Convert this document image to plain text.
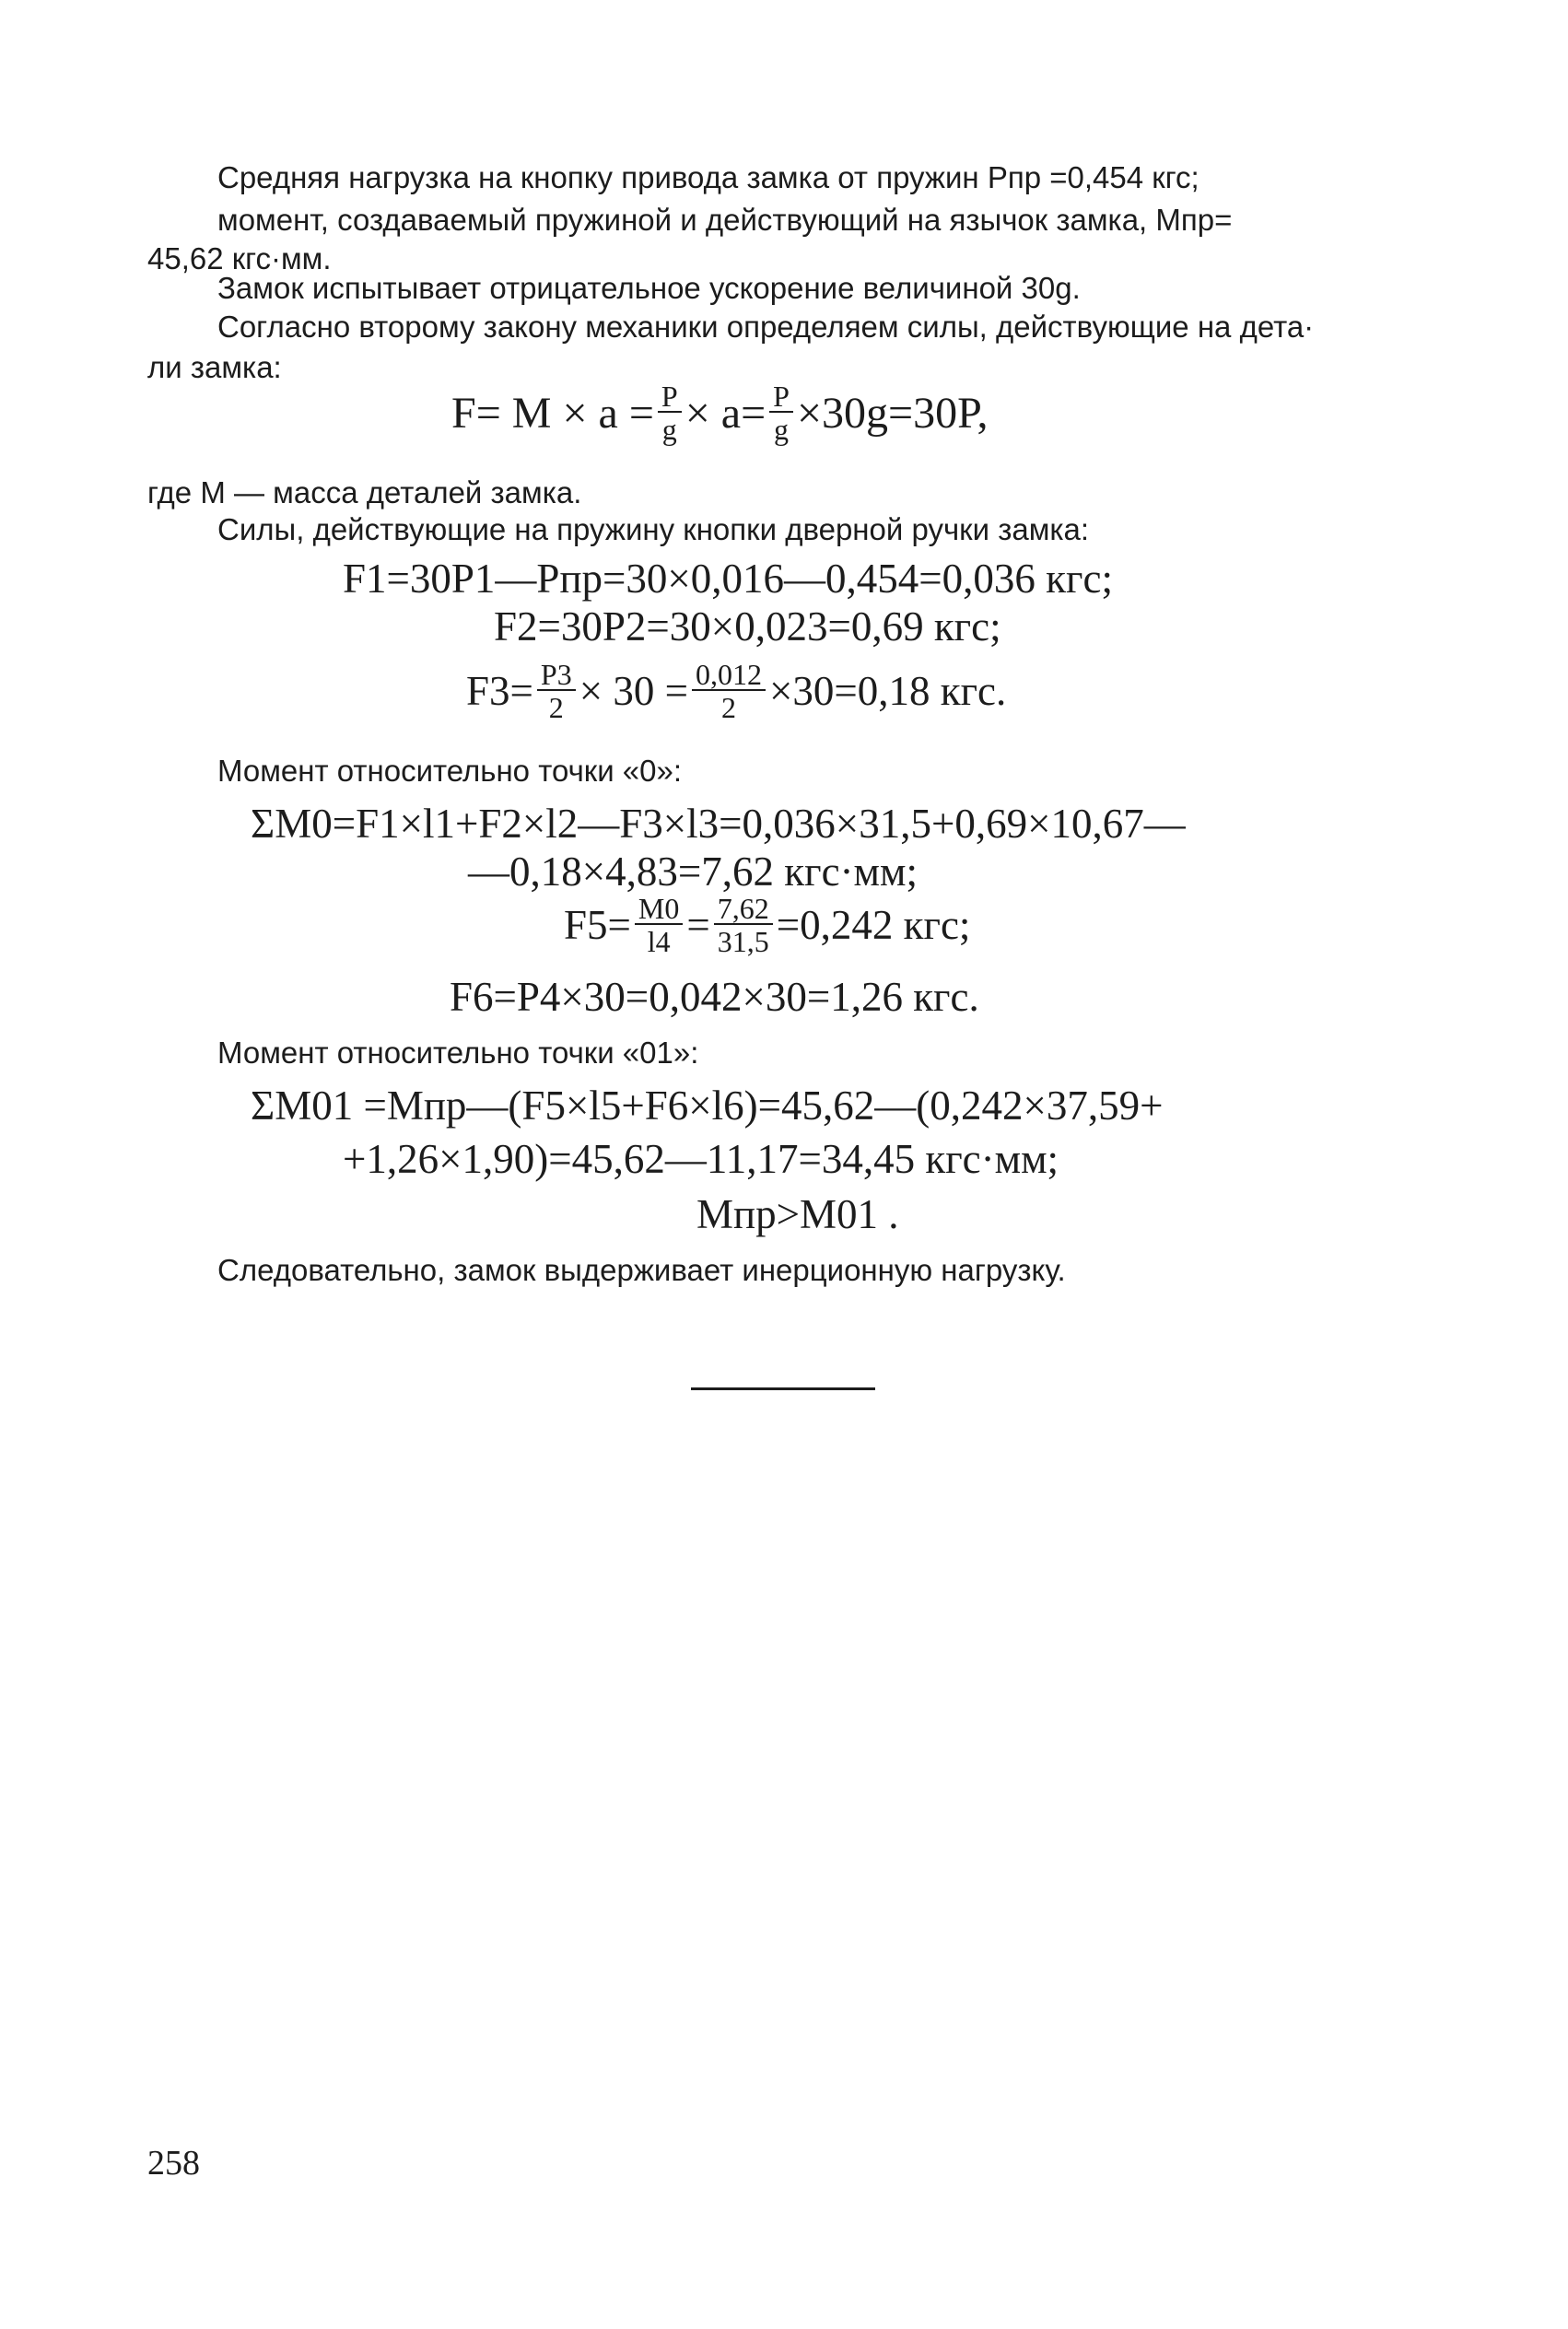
Средняя нагрузка на кнопку привода замка от пружин Pпр =0,454 кгс;
момент, создаваемый пружиной и действующий на язычок замка, Mпр=
45,62 кгс·мм.
Замок испытывает отрицательное ускорение величиной 30g.
Согласно второму закону механики определяем силы, действующие на дета·
ли замка:
$F= M \times a = \frac{P}{g} \times a= \frac{P}{g} \times 30g=30P$,
где M — масса деталей замка.
Силы, действующие на пружину кнопки дверной ручки замка:
F1=30P1—Pпр=30×0,016—0,454=0,036 кгс;
F2=30P2=30×0,023=0,69 кгс;
$F3= \frac{P3}{2} \times 30 = \frac{0,012}{2} \times 30=0,18$ кгс.
Момент относительно точки «0»:
ΣM0=F1×l1+F2×l2—F3×l3=0,036×31,5+0,69×10,67—
—0,18×4,83=7,62 кгс·мм;
$F5= \frac{M0}{l4} = \frac{7,62}{31,5} =0,242$ кгс;
F6=P4×30=0,042×30=1,26 кгс.
Момент относительно точки «01»:
ΣM01 =Mпр—(F5×l5+F6×l6)=45,62—(0,242×37,59+
+1,26×1,90)=45,62—11,17=34,45 кгс·мм;
Mпр>M01 .
Следовательно, замок выдерживает инерционную нагрузку.
258
